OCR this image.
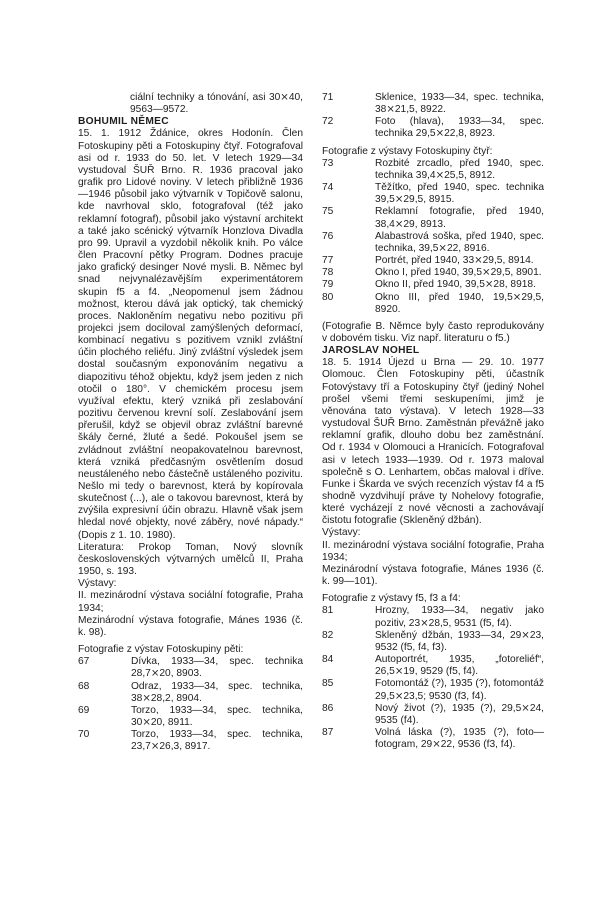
ciální techniky a tónování, asi 30⨯40, 9563—9572.

BOHUMIL NĚMEC

15. 1. 1912 Ždánice, okres Hodonín. Člen Fotoskupiny pěti a Fotoskupiny čtyř. Fotografoval asi od r. 1933 do 50. let. V letech 1929—34 vystudoval ŠUŘ Brno. R. 1936 pracoval jako grafik pro Lidové noviny. V letech přibližně 1936—1946 působil jako výtvarník v Topičově salonu, kde navrhoval sklo, fotografoval (též jako reklamní fotograf), působil jako výstavní architekt a také jako scénický výtvarník Honzlova Divadla pro 99. Upravil a vyzdobil několik knih. Po válce člen Pracovní pětky Program. Dodnes pracuje jako grafický desinger Nové mysli. B. Němec byl snad nejvynalézavějším experimentátorem skupin f5 a f4. „Neopomenul jsem žádnou možnost, kterou dává jak optický, tak chemický proces. Nakloněním negativu nebo pozitivu při projekci jsem dociloval zamýšlených deformací, kombinací negativu s pozitivem vznikl zvláštní účin plochého reliéfu. Jiný zvláštní výsledek jsem dostal současným exponováním negativu a diapozitivu téhož objektu, když jsem jeden z nich otočil o 180°. V chemickém procesu jsem využíval efektu, který vzniká při zeslabování pozitivu červenou krevní solí. Zeslabování jsem přerušil, když se objevil obraz zvláštní barevné škály černé, žluté a šedé. Pokoušel jsem se zvládnout zvláštní neopakovatelnou barevnost, která vzniká předčasným osvětlením dosud neustáleného nebo částečně ustáleného pozivitu. Nešlo mi tedy o barevnost, která by kopírovala skutečnost (...), ale o takovou barevnost, která by zvýšila expresivní účin obrazu. Hlavně však jsem hledal nové objekty, nové záběry, nové nápady.“ (Dopis z 1. 10. 1980).

Literatura: Prokop Toman, Nový slovník československých výtvarných umělců II, Praha 1950, s. 193.

Výstavy:

II. mezinárodní výstava sociální fotografie, Praha 1934;

Mezinárodní výstava fotografie, Mánes 1936 (č. k. 98).

Fotografie z výstav Fotoskupiny pěti:

67	Dívka, 1933—34, spec. technika 28,7⨯20, 8903.
68	Odraz, 1933—34, spec. technika, 38⨯28,2, 8904.
69	Torzo, 1933—34, spec. technika, 30⨯20, 8911.
70	Torzo, 1933—34, spec. technika, 23,7⨯26,3, 8917.
71	Sklenice, 1933—34, spec. technika, 38⨯21,5, 8922.
72	Foto (hlava), 1933—34, spec. technika 29,5⨯22,8, 8923.

Fotografie z výstavy Fotoskupiny čtyř:

73	Rozbité zrcadlo, před 1940, spec. technika 39,4⨯25,5, 8912.
74	Těžítko, před 1940, spec. technika 39,5⨯29,5, 8915.
75	Reklamní fotografie, před 1940, 38,4⨯29, 8913.
76	Alabastrová soška, před 1940, spec. technika, 39,5⨯22, 8916.
77	Portrét, před 1940, 33⨯29,5, 8914.
78	Okno I, před 1940, 39,5⨯29,5, 8901.
79	Okno II, před 1940, 39,5⨯28, 8918.
80	Okno III, před 1940, 19,5⨯29,5, 8920.

(Fotografie B. Němce byly často reprodukovány v dobovém tisku. Viz např. literaturu o f5.)

JAROSLAV NOHEL

18. 5. 1914 Újezd u Brna — 29. 10. 1977 Olomouc. Člen Fotoskupiny pěti, účastník Fotovýstavy tří a Fotoskupiny čtyř (jediný Nohel prošel všemi třemi seskupeními, jimž je věnována tato výstava). V letech 1928—33 vystudoval ŠUŘ Brno. Zaměstnán převážně jako reklamní grafik, dlouho dobu bez zaměstnání. Od r. 1934 v Olomouci a Hranicích. Fotografoval asi v letech 1933—1939. Od r. 1973 maloval společně s O. Lenhartem, občas maloval i dříve. Funke i Škarda ve svých recenzích výstav f4 a f5 shodně vyzdvihují práve ty Nohelovy fotografie, které vycházejí z nové věcnosti a zachovávají čistotu fotografie (Skleněný džbán).

Výstavy:

II. mezinárodní výstava sociální fotografie, Praha 1934;

Mezinárodní výstava fotografie, Mánes 1936 (č. k. 99—101).

Fotografie z výstavy f5, f3 a f4:

81	Hrozny, 1933—34, negativ jako pozitiv, 23⨯28,5, 9531 (f5, f4).
82	Skleněný džbán, 1933—34, 29⨯23, 9532 (f5, f4, f3).
84	Autoportrét, 1935, „fotoreliéf“, 26,5⨯19, 9529 (f5, f4).
85	Fotomontáž (?), 1935 (?), fotomontáž 29,5⨯23,5; 9530 (f3, f4).
86	Nový život (?), 1935 (?), 29,5⨯24, 9535 (f4).
87	Volná láska (?), 1935 (?), foto—fotogram, 29⨯22, 9536 (f3, f4).
